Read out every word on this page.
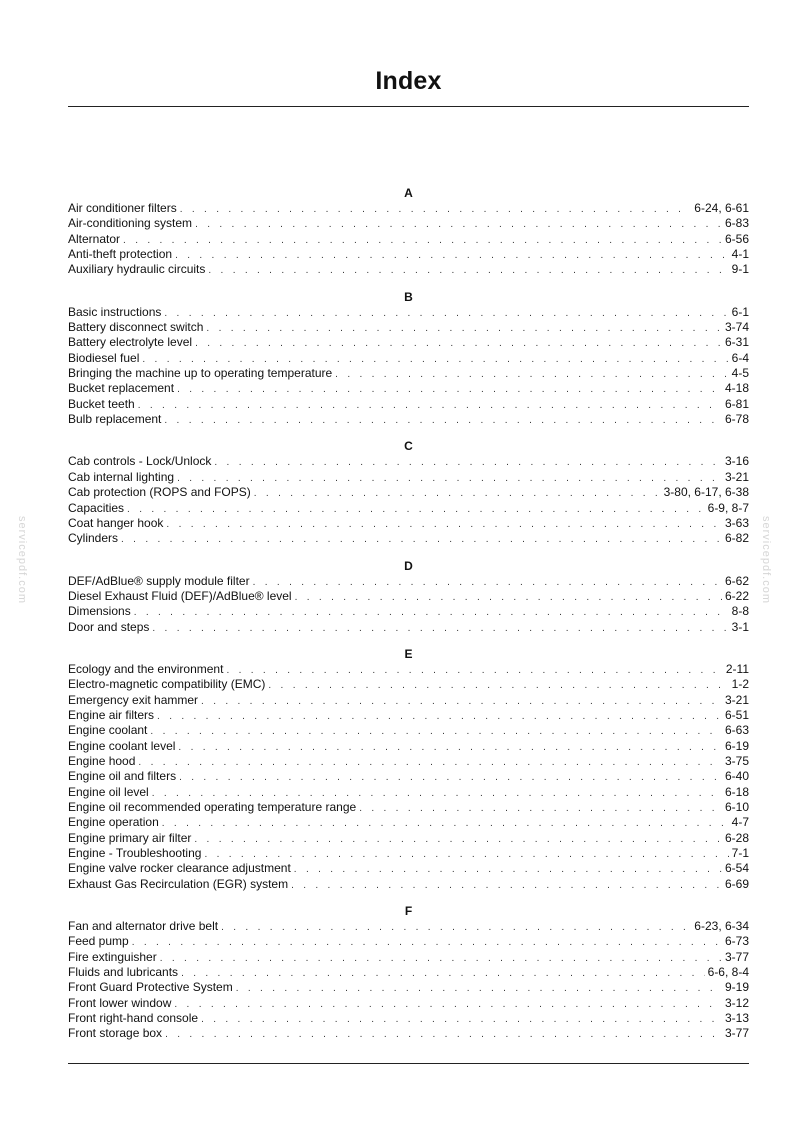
Index
servicepdf.com	servicepdf.com
A
Air conditioner filters . . .	6-24, 6-61
Air-conditioning system . . .	6-83
Alternator . . .	6-56
Anti-theft protection . . .	4-1
Auxiliary hydraulic circuits . . .	9-1
B
Basic instructions . . .	6-1
Battery disconnect switch . . .	3-74
Battery electrolyte level . . .	6-31
Biodiesel fuel . . .	6-4
Bringing the machine up to operating temperature . . .	4-5
Bucket replacement . . .	4-18
Bucket teeth . . .	6-81
Bulb replacement . . .	6-78
C
Cab controls - Lock/Unlock . . .	3-16
Cab internal lighting . . .	3-21
Cab protection (ROPS and FOPS) . . .	3-80, 6-17, 6-38
Capacities . . .	6-9, 8-7
Coat hanger hook . . .	3-63
Cylinders . . .	6-82
D
DEF/AdBlue® supply module filter . . .	6-62
Diesel Exhaust Fluid (DEF)/AdBlue® level . . .	6-22
Dimensions . . .	8-8
Door and steps . . .	3-1
E
Ecology and the environment . . .	2-11
Electro-magnetic compatibility (EMC) . . .	1-2
Emergency exit hammer . . .	3-21
Engine air filters . . .	6-51
Engine coolant . . .	6-63
Engine coolant level . . .	6-19
Engine hood . . .	3-75
Engine oil and filters . . .	6-40
Engine oil level . . .	6-18
Engine oil recommended operating temperature range . . .	6-10
Engine operation . . .	4-7
Engine primary air filter . . .	6-28
Engine - Troubleshooting . . .	7-1
Engine valve rocker clearance adjustment . . .	6-54
Exhaust Gas Recirculation (EGR) system . . .	6-69
F
Fan and alternator drive belt . . .	6-23, 6-34
Feed pump . . .	6-73
Fire extinguisher . . .	3-77
Fluids and lubricants . . .	6-6, 8-4
Front Guard Protective System . . .	9-19
Front lower window . . .	3-12
Front right-hand console . . .	3-13
Front storage box . . .	3-77
